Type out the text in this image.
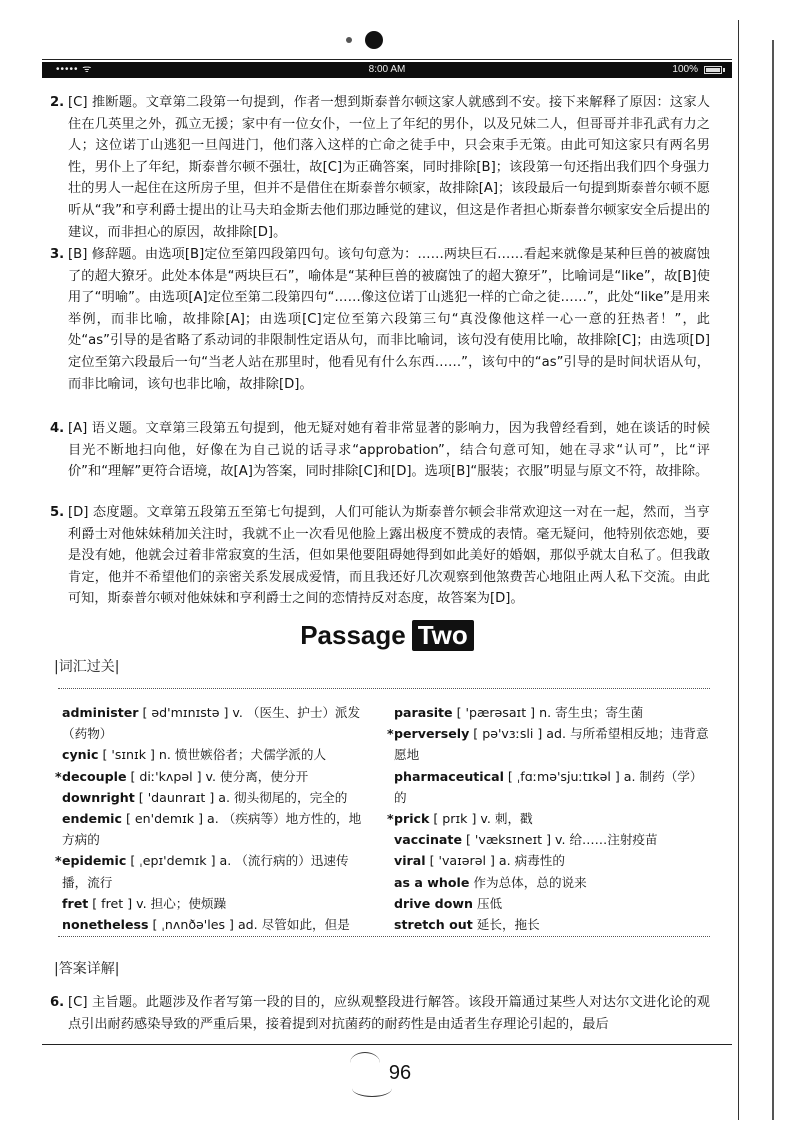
••••• ᯤ	8:00 AM	100%
2. [C] 推断题。文章第二段第一句提到，作者一想到斯泰普尔顿这家人就感到不安。接下来解释了原因：这家人住在几英里之外，孤立无援；家中有一位女仆，一位上了年纪的男仆，以及兄妹二人，但哥哥并非孔武有力之人；这位诺丁山逃犯一旦闯进门，他们落入这样的亡命之徒手中，只会束手无策。由此可知这家只有两名男性，男仆上了年纪，斯泰普尔顿不强壮，故[C]为正确答案，同时排除[B]；该段第一句还指出我们四个身强力壮的男人一起住在这所房子里，但并不是借住在斯泰普尔顿家，故排除[A]；该段最后一句提到斯泰普尔顿不愿听从“我”和亨利爵士提出的让马夫珀金斯去他们那边睡觉的建议，但这是作者担心斯泰普尔顿家安全后提出的建议，而非担心的原因，故排除[D]。
3. [B] 修辞题。由选项[B]定位至第四段第四句。该句句意为：……两块巨石……看起来就像是某种巨兽的被腐蚀了的超大獠牙。此处本体是“两块巨石”，喻体是“某种巨兽的被腐蚀了的超大獠牙”，比喻词是“like”，故[B]使用了“明喻”。由选项[A]定位至第二段第四句“……像这位诺丁山逃犯一样的亡命之徒……”，此处“like”是用来举例，而非比喻，故排除[A]；由选项[C]定位至第六段第三句“真没像他这样一心一意的狂热者！”，此处“as”引导的是省略了系动词的非限制性定语从句，而非比喻词，该句没有使用比喻，故排除[C]；由选项[D]定位至第六段最后一句“当老人站在那里时，他看见有什么东西……”，该句中的“as”引导的是时间状语从句，而非比喻词，该句也非比喻，故排除[D]。
4. [A] 语义题。文章第三段第五句提到，他无疑对她有着非常显著的影响力，因为我曾经看到，她在谈话的时候目光不断地扫向他，好像在为自己说的话寻求“approbation”，结合句意可知，她在寻求“认可”，比“评价”和“理解”更符合语境，故[A]为答案，同时排除[C]和[D]。选项[B]“服装；衣服”明显与原文不符，故排除。
5. [D] 态度题。文章第五段第五至第七句提到，人们可能认为斯泰普尔顿会非常欢迎这一对在一起，然而，当亨利爵士对他妹妹稍加关注时，我就不止一次看见他脸上露出极度不赞成的表情。毫无疑问，他特别依恋她，要是没有她，他就会过着非常寂寞的生活，但如果他要阻碍她得到如此美好的婚姻，那似乎就太自私了。但我敢肯定，他并不希望他们的亲密关系发展成爱情，而且我还好几次观察到他煞费苦心地阻止两人私下交流。由此可知，斯泰普尔顿对他妹妹和亨利爵士之间的恋情持反对态度，故答案为[D]。
Passage Two
|词汇过关|
administer [ əd'mɪnɪstə ] v. （医生、护士）派发（药物）
cynic [ 'sɪnɪk ] n. 愤世嫉俗者；犬儒学派的人
* decouple [ diː'kʌpəl ] v. 使分离，使分开
downright [ 'daunraɪt ] a. 彻头彻尾的，完全的
endemic [ en'demɪk ] a. （疾病等）地方性的，地方病的
* epidemic [ ˌepɪ'demɪk ] a. （流行病的）迅速传播，流行
fret [ fret ] v. 担心；使烦躁
nonetheless [ ˌnʌnðə'les ] ad. 尽管如此，但是
parasite [ 'pærəsaɪt ] n. 寄生虫；寄生菌
* perversely [ pə'vɜːsli ] ad. 与所希望相反地；违背意愿地
pharmaceutical [ ˌfɑːmə'sjuːtɪkəl ] a. 制药（学）的
* prick [ prɪk ] v. 刺，戳
vaccinate [ 'væksɪneɪt ] v. 给……注射疫苗
viral [ 'vaɪərəl ] a. 病毒性的
as a whole 作为总体，总的说来
drive down 压低
stretch out 延长，拖长
|答案详解|
6. [C] 主旨题。此题涉及作者写第一段的目的，应纵观整段进行解答。该段开篇通过某些人对达尔文进化论的观点引出耐药感染导致的严重后果，接着提到对抗菌药的耐药性是由适者生存理论引起的，最后
96
